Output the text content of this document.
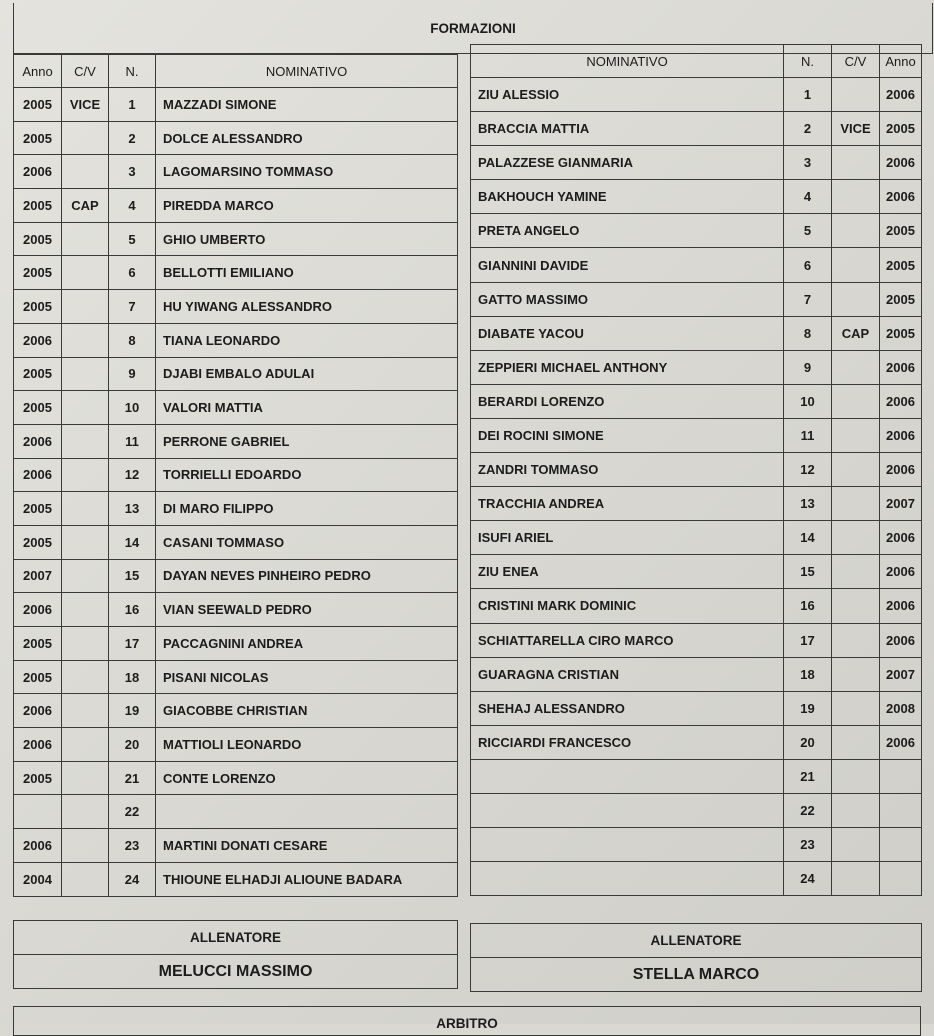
FORMAZIONI
Anno	C/V	N.	NOMINATIVO
2005	VICE	1	MAZZADI SIMONE
2005		2	DOLCE ALESSANDRO
2006		3	LAGOMARSINO TOMMASO
2005	CAP	4	PIREDDA MARCO
2005		5	GHIO UMBERTO
2005		6	BELLOTTI EMILIANO
2005		7	HU YIWANG ALESSANDRO
2006		8	TIANA LEONARDO
2005		9	DJABI EMBALO ADULAI
2005		10	VALORI MATTIA
2006		11	PERRONE GABRIEL
2006		12	TORRIELLI EDOARDO
2005		13	DI MARO FILIPPO
2005		14	CASANI TOMMASO
2007		15	DAYAN NEVES PINHEIRO PEDRO
2006		16	VIAN SEEWALD PEDRO
2005		17	PACCAGNINI ANDREA
2005		18	PISANI NICOLAS
2006		19	GIACOBBE CHRISTIAN
2006		20	MATTIOLI LEONARDO
2005		21	CONTE LORENZO
		22	
2006		23	MARTINI DONATI CESARE
2004		24	THIOUNE ELHADJI ALIOUNE BADARA
NOMINATIVO	N.	C/V	Anno
ZIU ALESSIO	1		2006
BRACCIA MATTIA	2	VICE	2005
PALAZZESE GIANMARIA	3		2006
BAKHOUCH YAMINE	4		2006
PRETA ANGELO	5		2005
GIANNINI DAVIDE	6		2005
GATTO MASSIMO	7		2005
DIABATE YACOU	8	CAP	2005
ZEPPIERI MICHAEL ANTHONY	9		2006
BERARDI LORENZO	10		2006
DEI ROCINI SIMONE	11		2006
ZANDRI TOMMASO	12		2006
TRACCHIA ANDREA	13		2007
ISUFI ARIEL	14		2006
ZIU ENEA	15		2006
CRISTINI MARK DOMINIC	16		2006
SCHIATTARELLA CIRO MARCO	17		2006
GUARAGNA CRISTIAN	18		2007
SHEHAJ ALESSANDRO	19		2008
RICCIARDI FRANCESCO	20		2006
	21		
	22		
	23		
	24		
ALLENATORE
MELUCCI MASSIMO
ALLENATORE
STELLA MARCO
ARBITRO
